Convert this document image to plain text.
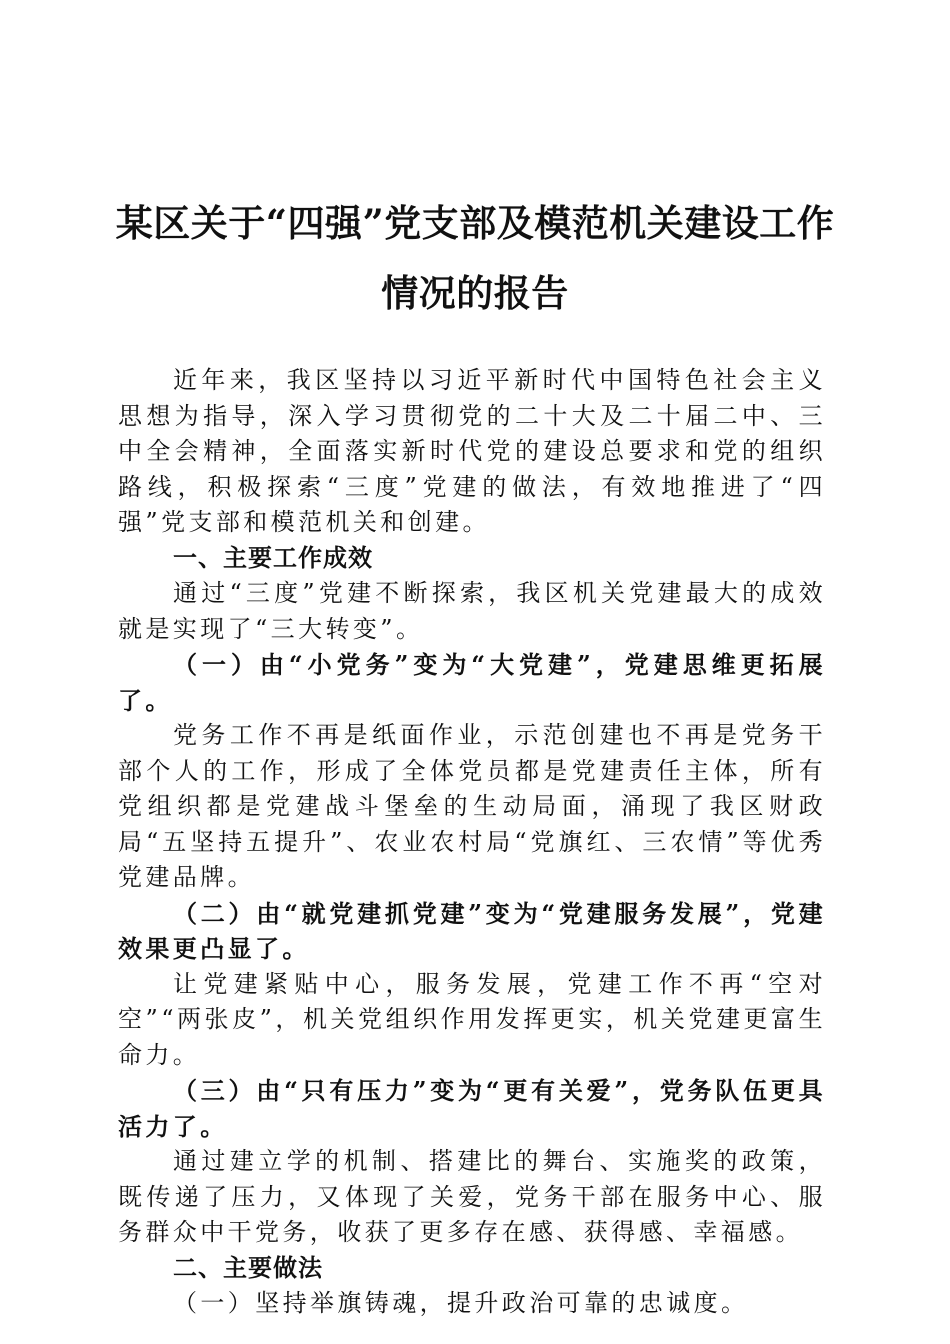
某区关于“四强”党支部及模范机关建设工作
情况的报告

近年来，我区坚持以习近平新时代中国特色社会主义思想为指导，深入学习贯彻党的二十大及二十届二中、三中全会精神，全面落实新时代党的建设总要求和党的组织路线，积极探索“三度”党建的做法，有效地推进了“四强”党支部和模范机关和创建。

一、主要工作成效

通过“三度”党建不断探索，我区机关党建最大的成效就是实现了“三大转变”。

（一）由“小党务”变为“大党建”，党建思维更拓展了。

党务工作不再是纸面作业，示范创建也不再是党务干部个人的工作，形成了全体党员都是党建责任主体，所有党组织都是党建战斗堡垒的生动局面，涌现了我区财政局“五坚持五提升”、农业农村局“党旗红、三农情”等优秀党建品牌。

（二）由“就党建抓党建”变为“党建服务发展”，党建效果更凸显了。

让党建紧贴中心，服务发展，党建工作不再“空对空”“两张皮”，机关党组织作用发挥更实，机关党建更富生命力。

（三）由“只有压力”变为“更有关爱”，党务队伍更具活力了。

通过建立学的机制、搭建比的舞台、实施奖的政策，既传递了压力，又体现了关爱，党务干部在服务中心、服务群众中干党务，收获了更多存在感、获得感、幸福感。

二、主要做法

（一）坚持举旗铸魂，提升政治可靠的忠诚度。
